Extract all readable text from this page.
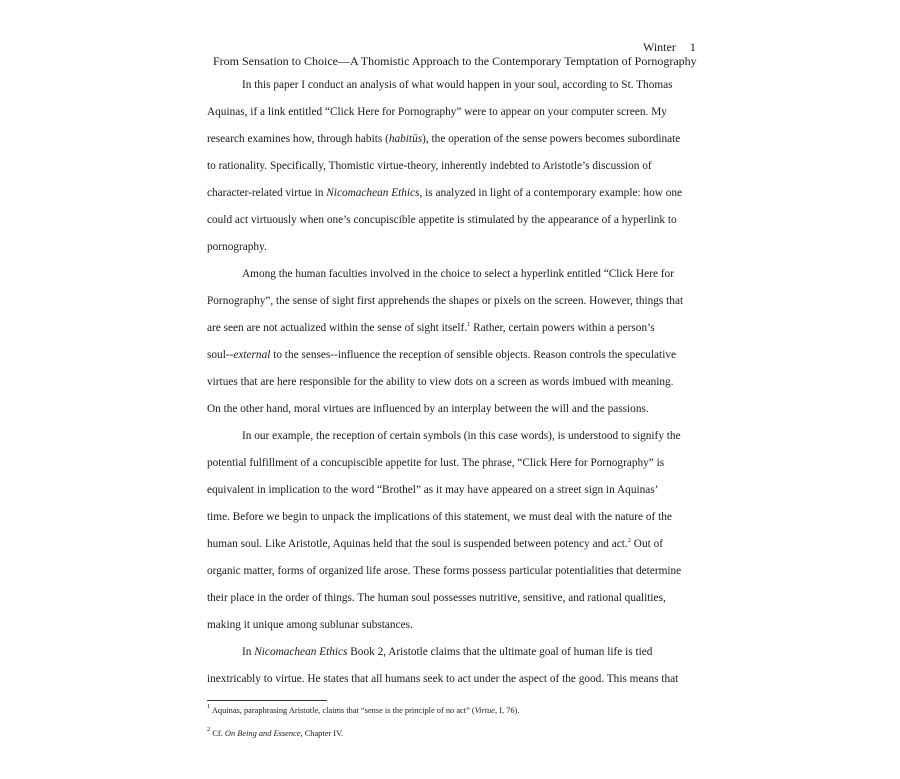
Winter 1
From Sensation to Choice—A Thomistic Approach to the Contemporary Temptation of Pornography
In this paper I conduct an analysis of what would happen in your soul, according to St. Thomas
Aquinas, if a link entitled “Click Here for Pornography” were to appear on your computer screen. My
research examines how, through habits (habitūs), the operation of the sense powers becomes subordinate
to rationality. Specifically, Thomistic virtue-theory, inherently indebted to Aristotle’s discussion of
character-related virtue in Nicomachean Ethics, is analyzed in light of a contemporary example: how one
could act virtuously when one’s concupiscible appetite is stimulated by the appearance of a hyperlink to
pornography.
Among the human faculties involved in the choice to select a hyperlink entitled “Click Here for
Pornography”, the sense of sight first apprehends the shapes or pixels on the screen. However, things that
are seen are not actualized within the sense of sight itself.$^1$ Rather, certain powers within a person’s
soul--external to the senses--influence the reception of sensible objects. Reason controls the speculative
virtues that are here responsible for the ability to view dots on a screen as words imbued with meaning.
On the other hand, moral virtues are influenced by an interplay between the will and the passions.
In our example, the reception of certain symbols (in this case words), is understood to signify the
potential fulfillment of a concupiscible appetite for lust. The phrase, “Click Here for Pornography” is
equivalent in implication to the word “Brothel” as it may have appeared on a street sign in Aquinas’
time. Before we begin to unpack the implications of this statement, we must deal with the nature of the
human soul. Like Aristotle, Aquinas held that the soul is suspended between potency and act.$^2$ Out of
organic matter, forms of organized life arose. These forms possess particular potentialities that determine
their place in the order of things. The human soul possesses nutritive, sensitive, and rational qualities,
making it unique among sublunar substances.
In Nicomachean Ethics Book 2, Aristotle claims that the ultimate goal of human life is tied
inextricably to virtue. He states that all humans seek to act under the aspect of the good. This means that
$^1$ Aquinas, paraphrasing Aristotle, claims that “sense is the principle of no act” (Virtue, I, 76).
$^2$ Cf. On Being and Essence, Chapter IV.
